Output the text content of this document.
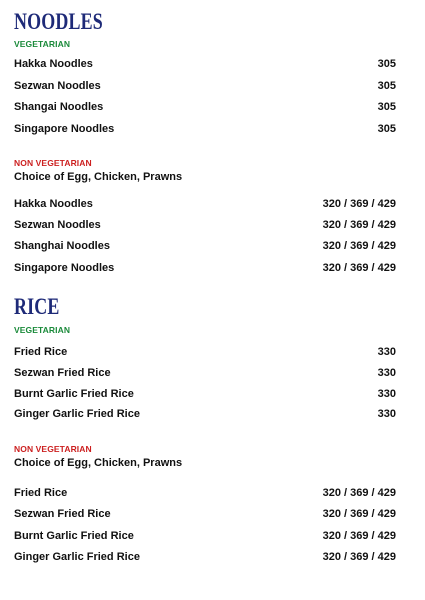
NOODLES
VEGETARIAN
Hakka Noodles	305
Sezwan Noodles	305
Shangai Noodles	305
Singapore Noodles	305
NON VEGETARIAN
Choice of Egg, Chicken, Prawns
Hakka Noodles	320 / 369 / 429
Sezwan Noodles	320 / 369 / 429
Shanghai Noodles	320 / 369 / 429
Singapore Noodles	320 / 369 / 429
RICE
VEGETARIAN
Fried Rice	330
Sezwan Fried Rice	330
Burnt Garlic Fried Rice	330
Ginger Garlic Fried Rice	330
NON VEGETARIAN
Choice of Egg, Chicken, Prawns
Fried Rice	320 / 369 / 429
Sezwan Fried Rice	320 / 369 / 429
Burnt Garlic Fried Rice	320 / 369 / 429
Ginger Garlic Fried Rice	320 / 369 / 429
